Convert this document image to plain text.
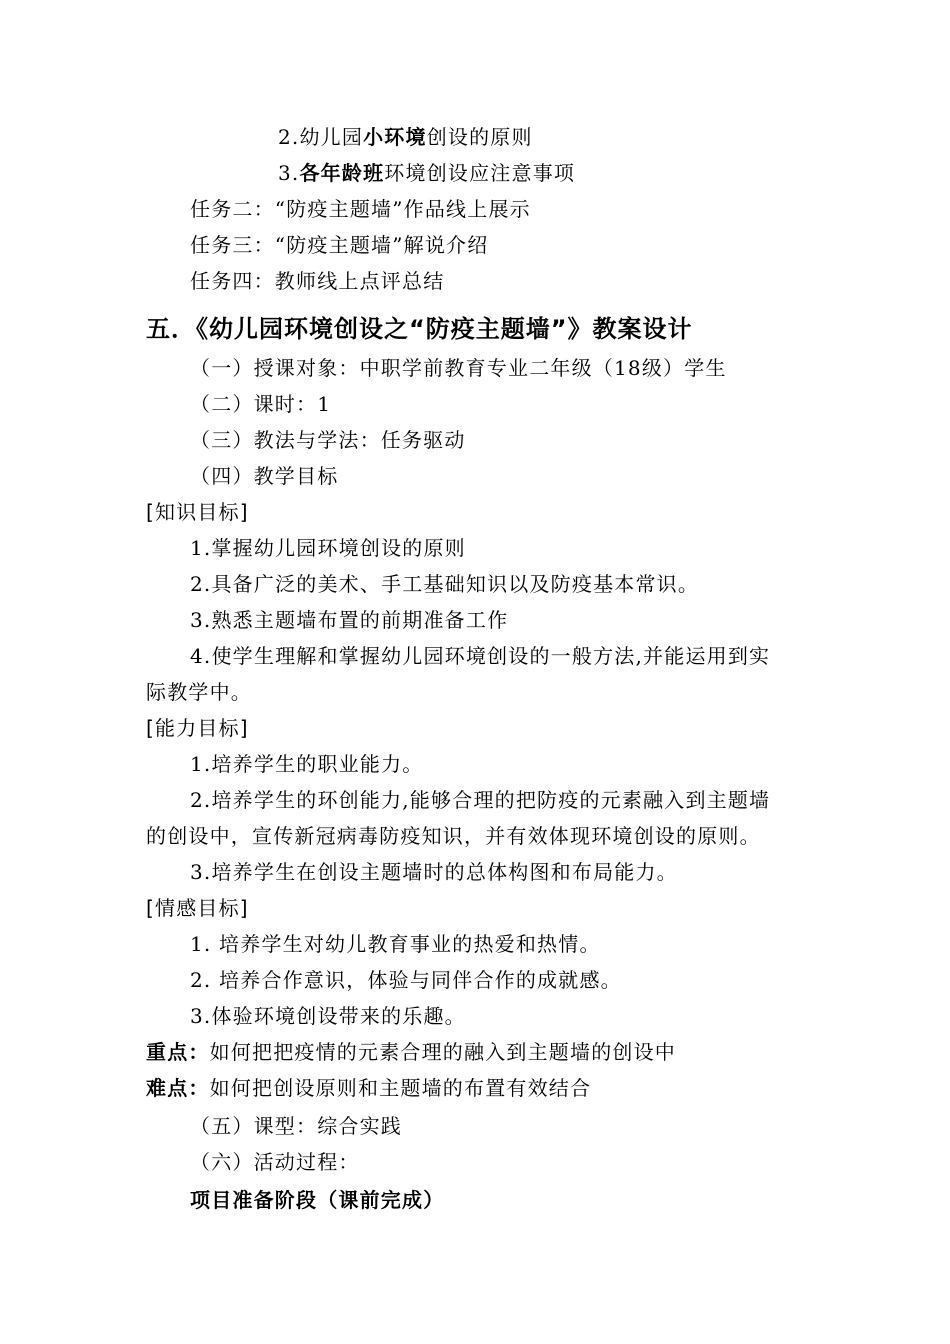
2.幼儿园小环境创设的原则
3.各年龄班环境创设应注意事项
任务二：“防疫主题墙”作品线上展示
任务三：“防疫主题墙”解说介绍
任务四：教师线上点评总结
五．《幼儿园环境创设之“防疫主题墙”》教案设计
（一）授课对象：中职学前教育专业二年级（18级）学生
（二）课时：1
（三）教法与学法：任务驱动
（四）教学目标
[知识目标]
1.掌握幼儿园环境创设的原则
2.具备广泛的美术、手工基础知识以及防疫基本常识。
3.熟悉主题墙布置的前期准备工作
4.使学生理解和掌握幼儿园环境创设的一般方法,并能运用到实
际教学中。
[能力目标]
1.培养学生的职业能力。
2.培养学生的环创能力,能够合理的把防疫的元素融入到主题墙
的创设中，宣传新冠病毒防疫知识，并有效体现环境创设的原则。
3.培养学生在创设主题墙时的总体构图和布局能力。
[情感目标]
1. 培养学生对幼儿教育事业的热爱和热情。
2. 培养合作意识，体验与同伴合作的成就感。
3.体验环境创设带来的乐趣。
重点：如何把把疫情的元素合理的融入到主题墙的创设中
难点：如何把创设原则和主题墙的布置有效结合
（五）课型：综合实践
（六）活动过程：
项目准备阶段（课前完成）
